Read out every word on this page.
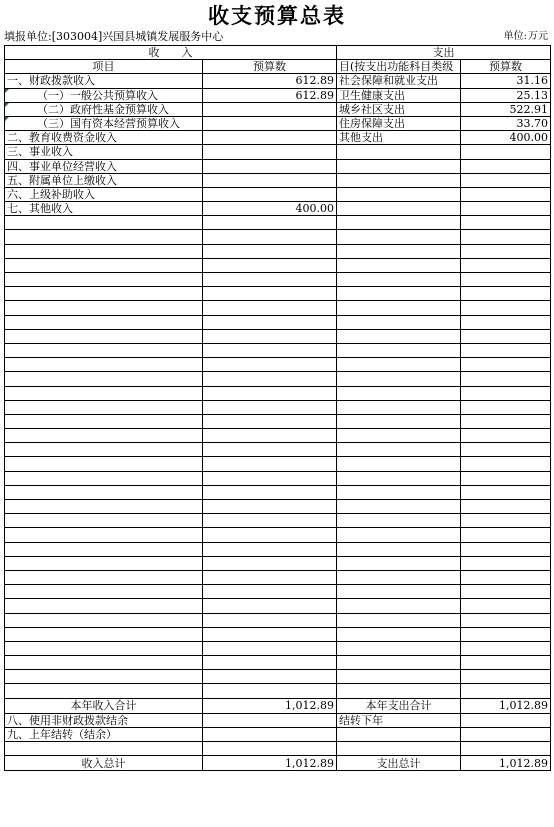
收支预算总表
填报单位:[303004]兴国县城镇发展服务中心	单位:万元
收　　入		支出	
项目	预算数	目(按支出功能科目类级	预算数
一、财政拨款收入	612.89	社会保障和就业支出	31.16
（一）一般公共预算收入	612.89	卫生健康支出	25.13
（二）政府性基金预算收入		城乡社区支出	522.91
（三）国有资本经营预算收入		住房保障支出	33.70
二、教育收费资金收入		其他支出	400.00
三、事业收入			
四、事业单位经营收入			
五、附属单位上缴收入			
六、上级补助收入			
七、其他收入	400.00		

本年收入合计	1,012.89	本年支出合计	1,012.89
八、使用非财政拨款结余		结转下年	
九、上年结转（结余）			

收入总计	1,012.89	支出总计	1,012.89
